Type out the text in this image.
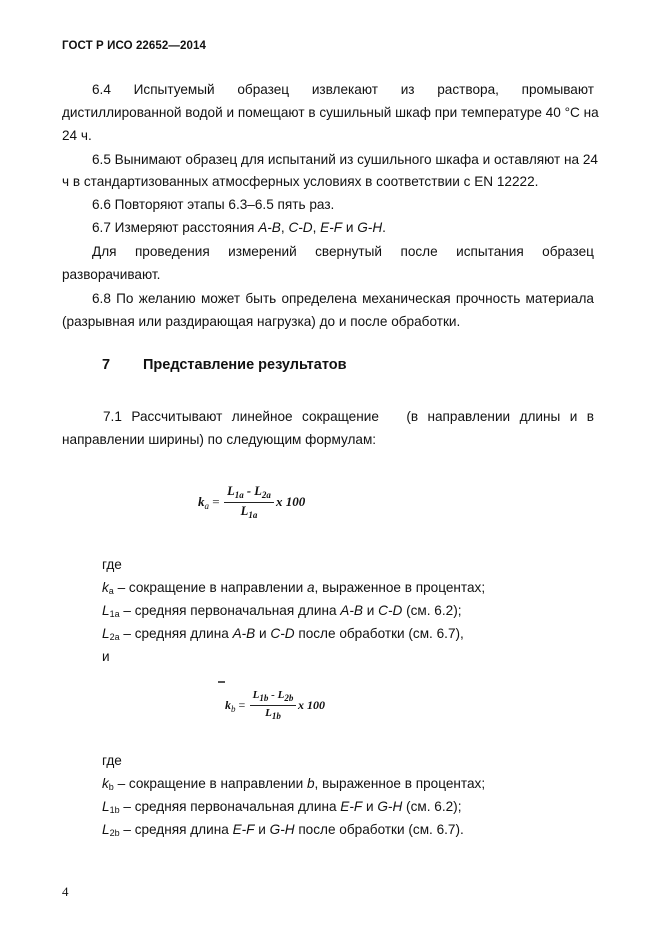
ГОСТ Р ИСО 22652—2014
6.4 Испытуемый образец извлекают из раствора, промывают
дистиллированной водой и помещают в сушильный шкаф при температуре 40 °С на
24 ч.
6.5 Вынимают образец для испытаний из сушильного шкафа и оставляют на 24
ч в стандартизованных атмосферных условиях в соответствии с EN 12222.
6.6 Повторяют этапы 6.3–6.5 пять раз.
6.7 Измеряют расстояния A-B, C-D, E-F и G-H.
Для проведения измерений свернутый после испытания образец
разворачивают.
6.8 По желанию может быть определена механическая прочность материала
(разрывная или раздирающая нагрузка) до и после обработки.
7 Представление результатов
7.1 Рассчитывают линейное сокращение (в направлении длины и в
направлении ширины) по следующим формулам:
$k_a$ =
$L_{1a} - L_{2a}$
$L_{1a}$
x 100
где
ka – сокращение в направлении a, выраженное в процентах;
L1a – средняя первоначальная длина A-B и C-D (см. 6.2);
L2a – средняя длина A-B и C-D после обработки (см. 6.7),
и
$k_b$ =
$L_{1b} - L_{2b}$
$L_{1b}$
x 100
где
kb – сокращение в направлении b, выраженное в процентах;
L1b – средняя первоначальная длина E-F и G-H (см. 6.2);
L2b – средняя длина E-F и G-H после обработки (см. 6.7).
4
